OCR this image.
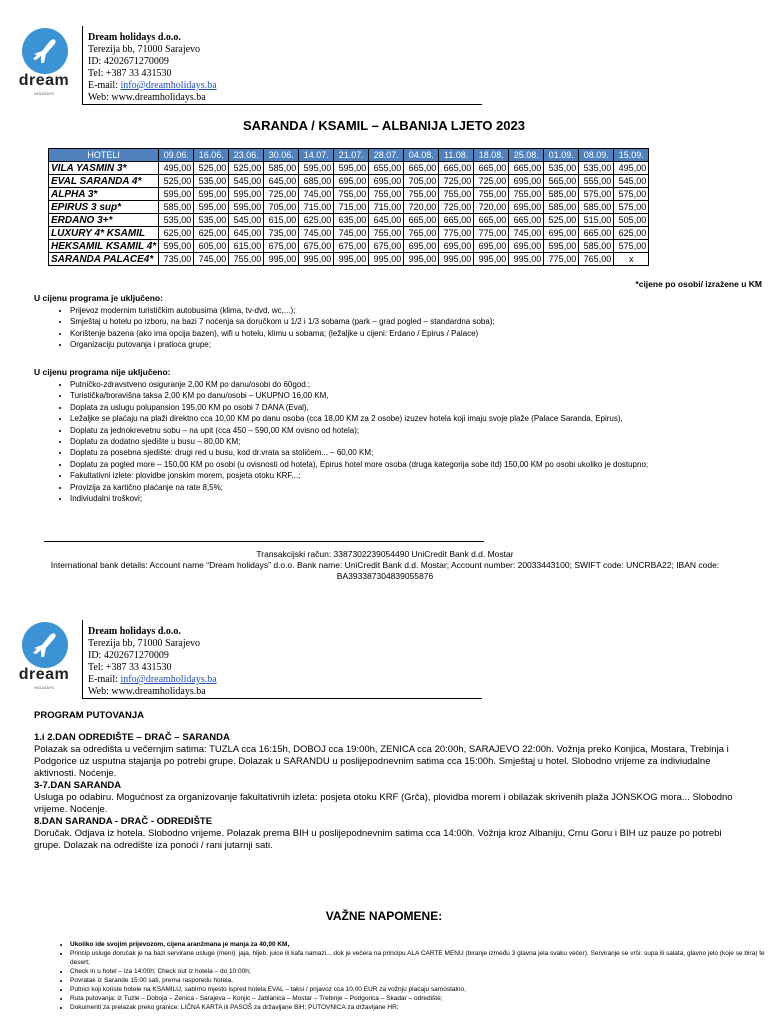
dream
HOLIDAYS
Dream holidays d.o.o.
Terezija bb, 71000 Sarajevo
ID: 4202671270009
Tel: +387 33 431530
E-mail: info@dreamholidays.ba
Web: www.dreamholidays.ba
SARANDA / KSAMIL – ALBANIJA LJETO 2023
HOTELI	09.06.	16.06.	23.06.	30.06.	14.07.	21.07.	28.07.	04.08.	11.08.	18.08.	25.08.	01.09.	08.09.	15.09.
VILA YASMIN 3*	495,00	525,00	525,00	585,00	595,00	595,00	655,00	665,00	665,00	665,00	665,00	535,00	535,00	495,00
EVAL SARANDA 4*	525,00	535,00	545,00	645,00	685,00	695,00	695,00	705,00	725,00	725,00	695,00	565,00	555,00	545,00
ALPHA 3*	595,00	595,00	595,00	725,00	745,00	755,00	755,00	755,00	755,00	755,00	755,00	585,00	575,00	575,00
EPIRUS 3 sup*	585,00	595,00	595,00	705,00	715,00	715,00	715,00	720,00	725,00	720,00	695,00	585,00	585,00	575,00
ERDANO 3+*	535,00	535,00	545,00	615,00	625,00	635,00	645,00	665,00	665,00	665,00	665,00	525,00	515,00	505,00
LUXURY 4* KSAMIL	625,00	625,00	645,00	735,00	745,00	745,00	755,00	765,00	775,00	775,00	745,00	695,00	665,00	625,00
HEKSAMIL KSAMIL 4*	595,00	605,00	615,00	675,00	675,00	675,00	675,00	695,00	695,00	695,00	695,00	595,00	585,00	575,00
SARANDA PALACE4*	735,00	745,00	755,00	995,00	995,00	995,00	995,00	995,00	995,00	995,00	995,00	775,00	765,00	x
*cijene po osobi/ izražene u KM
U cijenu programa je uključeno:
• Prijevoz modernim turističkim autobusima (klima, tv-dvd, wc,...);
• Smještaj u hotelu po izboru, na bazi 7 noćenja sa doručkom u 1/2 i 1/3 sobama (park – grad pogled – standardna soba);
• Korištenje bazena (ako ima opcija bazen), wifi u hotelu, klimu u sobama; (ležaljke u cijeni: Erdano / Epirus / Palace)
• Organizaciju putovanja i pratioca grupe;
U cijenu programa nije uključeno:
• Putničko-zdravstveno osiguranje 2,00 KM po danu/osobi do 60god.;
• Turistička/boravišna taksa 2,00 KM po danu/osobi – UKUPNO 16,00 KM,
• Doplata za uslugu polupansion 195,00 KM po osobi 7 DANA (Eval),
• Ležaljke se plaćaju na plaži direktno cca 10,00 KM po danu osoba (cca 18,00 KM za 2 osobe) izuzev hotela koji imaju svoje plaže (Palace Saranda, Epirus),
• Doplatu za jednokrevetnu sobu – na upit (cca 450 – 590,00 KM ovisno od hotela);
• Doplatu za dodatno sjedište u busu – 80,00 KM;
• Doplatu za posebna sjedište: drugi red u busu, kod dr.vrata sa stolićem... – 60,00 KM;
• Doplatu za pogled more – 150,00 KM po osobi (u ovisnosti od hotela), Epirus hotel more osoba (druga kategorija sobe itd) 150,00 KM po osobi ukoliko je dostupno;
• Fakultativni izlete: plovidbe jonskim morem, posjeta otoku KRF...;
• Provizija za kartično plaćanje na rate 8,5%;
• Indiviudalni troškovi;
Transakcijski račun: 3387302239054490 UniCredit Bank d.d. Mostar
International bank details: Account name “Dream holidays” d.o.o. Bank name: UniCredit Bank d.d. Mostar; Account number: 20033443100; SWIFT code: UNCRBA22; IBAN code:
BA393387304839055876
dream
HOLIDAYS
Dream holidays d.o.o.
Terezija bb, 71000 Sarajevo
ID: 4202671270009
Tel: +387 33 431530
E-mail: info@dreamholidays.ba
Web: www.dreamholidays.ba
PROGRAM PUTOVANJA
1.i 2.DAN ODREDIŠTE – DRAČ – SARANDA
Polazak sa odredišta u večernjim satima: TUZLA cca 16:15h, DOBOJ cca 19:00h, ZENICA cca 20:00h, SARAJEVO 22:00h. Vožnja preko Konjica, Mostara, Trebinja i Podgorice uz usputna stajanja po potrebi grupe. Dolazak u SARANDU u poslijepodnevnim satima cca 15:00h. Smještaj u hotel. Slobodno vrijeme za indiviudalne aktivnosti. Noćenje.
3-7.DAN SARANDA
Usluga po odabiru. Mogućnost za organizovanje fakultativnih izleta: posjeta otoku KRF (Grča), plovidba morem i obilazak skrivenih plaža JONSKOG mora... Slobodno vrijeme. Noćenje.
8.DAN SARANDA - DRAČ - ODREDIŠTE
Doručak. Odjava iz hotela. Slobodno vrijeme. Polazak prema BIH u poslijepodnevnim satima cca 14:00h. Vožnja kroz Albaniju, Crnu Goru i BIH uz pauze po potrebi grupe. Dolazak na odredište iza ponoći / rani jutarnji sati.
VAŽNE NAPOMENE:
• Ukoliko ide svojim prijevozom, cijena aranžmana je manja za 40,00 KM,
• Princip usluge doručak je na bazi servirane usluge (meni): jaja, hljeb, juice ili kafa namazi... dok je večera na principu ALA CARTE MENU (biranje između 3 glavna jela svaku večer). Serviranje se vrši: supa ili salata, glavno jelo (koje se bira) te desert;
• Check in u hotel – iza 14:00h; Check out iz hotela – do 10:00h;
• Povratak iz Sarande 15:00 sati, prema rasporedu hotela,
• Putnici koji koriste hotele na KSAMILU, sabirno mjesto ispred hotela EVAL – taksi / prijavoz cca 10,00 EUR za vožnju plaćaju samostalno,
• Ruta putovanja: iz Tuzle – Doboja – Zenica - Sarajeva – Konjic – Jablanica – Mostar – Trebinje – Podgorica – Skadar – odredište;
• Dokumenti za prelazak preko granice: LIČNA KARTA ili PASOŠ za državljane BiH; PUTOVNICA za državljane HR;
